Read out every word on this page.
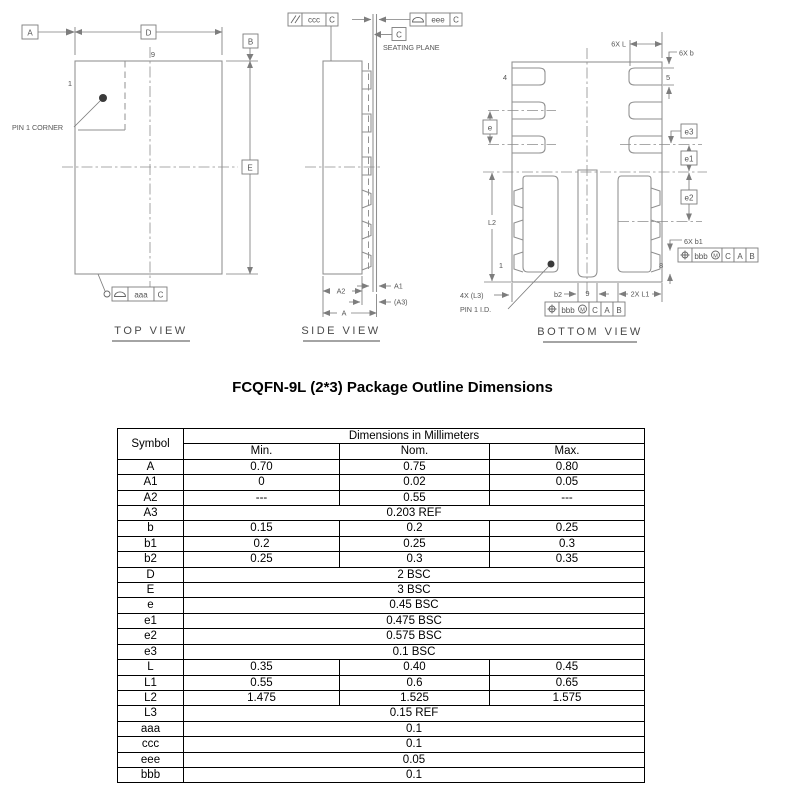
A	D
PIN 1 CORNER
1
9
B
E
aaa C
TOP VIEW
ccc C	eee C
C
SEATING PLANE
A2
A1
(A3)
A
SIDE VIEW
4	5
1	8
6X L
6X b
e	e3
e1
e2
6X b1
bbb M C A B
L2
4X (L3)
PIN 1 I.D.
b2	9	2X L1
bbb M C A B
BOTTOM VIEW
FCQFN-9L (2*3) Package Outline Dimensions
Symbol	Dimensions in Millimeters		
	Min.	Nom.	Max.
A	0.70	0.75	0.80
A1	0	0.02	0.05
A2	---	0.55	---
A3	0.203 REF		
b	0.15	0.2	0.25
b1	0.2	0.25	0.3
b2	0.25	0.3	0.35
D	2 BSC		
E	3 BSC		
e	0.45 BSC		
e1	0.475 BSC		
e2	0.575 BSC		
e3	0.1 BSC		
L	0.35	0.40	0.45
L1	0.55	0.6	0.65
L2	1.475	1.525	1.575
L3	0.15 REF		
aaa	0.1		
ccc	0.1		
eee	0.05		
bbb	0.1		
